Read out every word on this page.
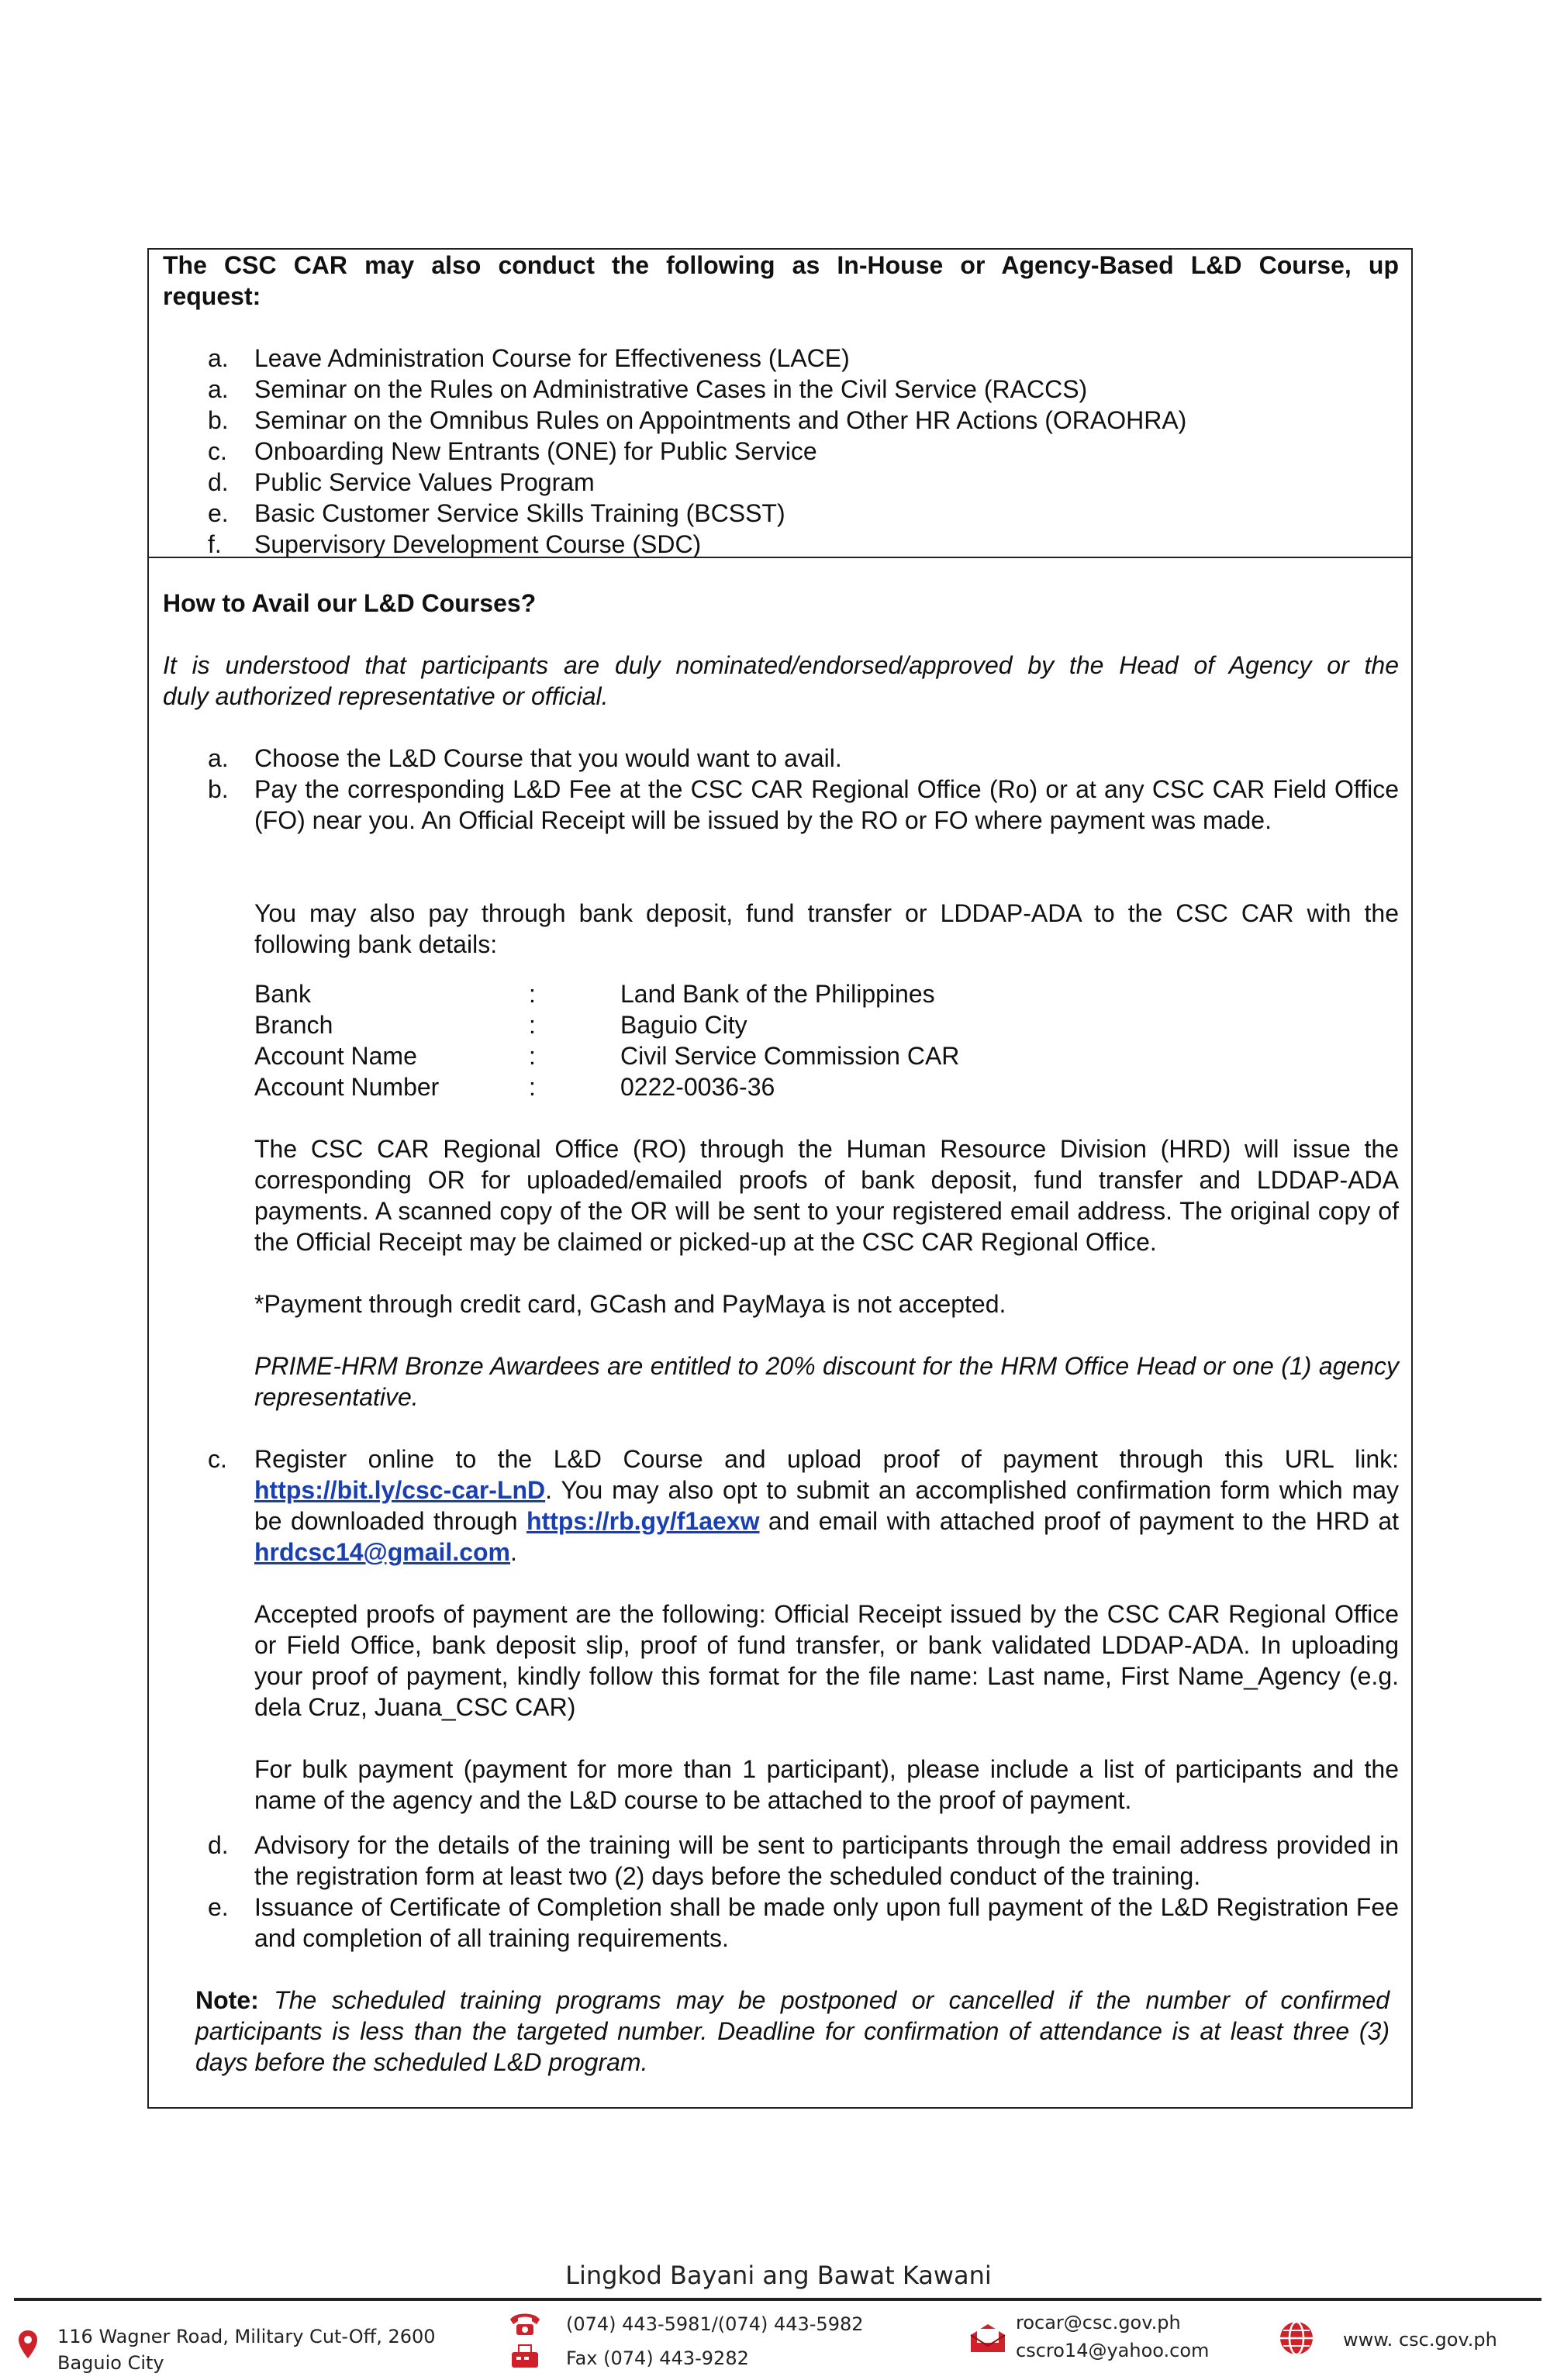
The CSC CAR may also conduct the following as In-House or Agency-Based L&D Course, up
request:
a. Leave Administration Course for Effectiveness (LACE)
a. Seminar on the Rules on Administrative Cases in the Civil Service (RACCS)
b. Seminar on the Omnibus Rules on Appointments and Other HR Actions (ORAOHRA)
c. Onboarding New Entrants (ONE) for Public Service
d. Public Service Values Program
e. Basic Customer Service Skills Training (BCSST)
f. Supervisory Development Course (SDC)
How to Avail our L&D Courses?
It is understood that participants are duly nominated/endorsed/approved by the Head of Agency or the
duly authorized representative or official.
a. Choose the L&D Course that you would want to avail.
b. Pay the corresponding L&D Fee at the CSC CAR Regional Office (Ro) or at any CSC CAR Field Office (FO) near you. An Official Receipt will be issued by the RO or FO where payment was made.
You may also pay through bank deposit, fund transfer or LDDAP-ADA to the CSC CAR with the following bank details:
Bank	:	Land Bank of the Philippines
Branch	:	Baguio City
Account Name	:	Civil Service Commission CAR
Account Number	:	0222-0036-36
The CSC CAR Regional Office (RO) through the Human Resource Division (HRD) will issue the corresponding OR for uploaded/emailed proofs of bank deposit, fund transfer and LDDAP-ADA payments. A scanned copy of the OR will be sent to your registered email address. The original copy of the Official Receipt may be claimed or picked-up at the CSC CAR Regional Office.
*Payment through credit card, GCash and PayMaya is not accepted.
PRIME-HRM Bronze Awardees are entitled to 20% discount for the HRM Office Head or one (1) agency representative.
c. Register online to the L&D Course and upload proof of payment through this URL link: https://bit.ly/csc-car-LnD. You may also opt to submit an accomplished confirmation form which may be downloaded through https://rb.gy/f1aexw and email with attached proof of payment to the HRD at hrdcsc14@gmail.com.
Accepted proofs of payment are the following: Official Receipt issued by the CSC CAR Regional Office or Field Office, bank deposit slip, proof of fund transfer, or bank validated LDDAP-ADA. In uploading your proof of payment, kindly follow this format for the file name: Last name, First Name_Agency (e.g. dela Cruz, Juana_CSC CAR)
For bulk payment (payment for more than 1 participant), please include a list of participants and the name of the agency and the L&D course to be attached to the proof of payment.
d. Advisory for the details of the training will be sent to participants through the email address provided in the registration form at least two (2) days before the scheduled conduct of the training.
e. Issuance of Certificate of Completion shall be made only upon full payment of the L&D Registration Fee and completion of all training requirements.
Note: The scheduled training programs may be postponed or cancelled if the number of confirmed participants is less than the targeted number. Deadline for confirmation of attendance is at least three (3) days before the scheduled L&D program.
Lingkod Bayani ang Bawat Kawani
116 Wagner Road, Military Cut-Off, 2600
Baguio City
(074) 443-5981/(074) 443-5982
Fax (074) 443-9282
rocar@csc.gov.ph
cscro14@yahoo.com	www. csc.gov.ph
